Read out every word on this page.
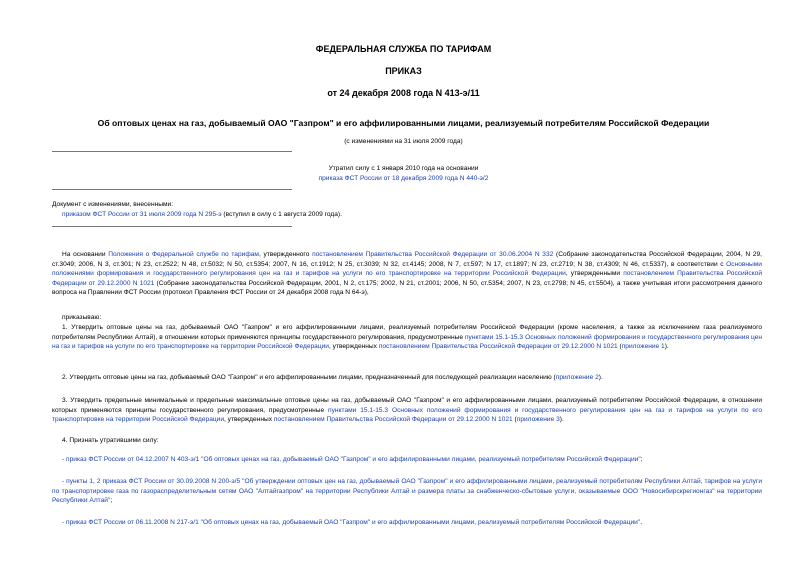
ФЕДЕРАЛЬНАЯ СЛУЖБА ПО ТАРИФАМ
ПРИКАЗ
от 24 декабря 2008 года N 413-э/11
Об оптовых ценах на газ, добываемый ОАО "Газпром" и его аффилированными лицами, реализуемый потребителям Российской Федерации
(с изменениями на 31 июля 2009 года)
Утратил силу с 1 января 2010 года на основании
приказа ФСТ России от 18 декабря 2009 года N 440-э/2
Документ с изменениями, внесенными:
приказом ФСТ России от 31 июля 2009 года N 295-э (вступил в силу с 1 августа 2009 года).

На основании Положения о Федеральной службе по тарифам, утвержденного постановлением Правительства Российской Федерации от 30.06.2004 N 332 (Собрание законодательства Российской Федерации, 2004, N 29, ст.3049; 2006, N 3, ст.301; N 23, ст.2522; N 48, ст.5032; N 50, ст.5354; 2007, N 16, ст.1912; N 25, ст.3039; N 32, ст.4145; 2008, N 7, ст.597; N 17, ст.1897; N 23, ст.2719; N 38, ст.4309; N 46, ст.5337), в соответствии с Основными положениями формирования и государственного регулирования цен на газ и тарифов на услуги по его транспортировке на территории Российской Федерации, утвержденными постановлением Правительства Российской Федерации от 29.12.2000 N 1021 (Собрание законодательства Российской Федерации, 2001, N 2, ст.175; 2002, N 21, ст.2001; 2006, N 50, ст.5354; 2007, N 23, ст.2798; N 45, ст.5504), а также учитывая итоги рассмотрения данного вопроса на Правлении ФСТ России (протокол Правления ФСТ России от 24 декабря 2008 года N 64-э),

приказываю:

1. Утвердить оптовые цены на газ, добываемый ОАО "Газпром" и его аффилированными лицами, реализуемый потребителям Российской Федерации (кроме населения, а также за исключением газа реализуемого потребителям Республики Алтай), в отношении которых применяются принципы государственного регулирования, предусмотренные пунктами 15.1-15.3 Основных положений формирования и государственного регулирования цен на газ и тарифов на услуги по его транспортировке на территории Российской Федерации, утвержденных постановлением Правительства Российской Федерации от 29.12.2000 N 1021 (приложение 1).

2. Утвердить оптовые цены на газ, добываемый ОАО "Газпром" и его аффилированными лицами, предназначенный для последующей реализации населению (приложение 2).

3. Утвердить предельные минимальные и предельные максимальные оптовые цены на газ, добываемый ОАО "Газпром" и его аффилированными лицами, реализуемый потребителям Российской Федерации, в отношении которых применяются принципы государственного регулирования, предусмотренные пунктами 15.1-15.3 Основных положений формирования и государственного регулирования цен на газ и тарифов на услуги по его транспортировке на территории Российской Федерации, утвержденных постановлением Правительства Российской Федерации от 29.12.2000 N 1021 (приложение 3).

4. Признать утратившими силу:

- приказ ФСТ России от 04.12.2007 N 403-э/1 "Об оптовых ценах на газ, добываемый ОАО "Газпром" и его аффилированными лицами, реализуемый потребителям Российской Федерации";

- пункты 1, 2 приказа ФСТ России от 30.09.2008 N 200-э/5 "Об утверждении оптовых цен на газ, добываемый ОАО "Газпром" и его аффилированными лицами, реализуемый потребителям Республики Алтай, тарифов на услуги по транспортировке газа по газораспределительным сетям ОАО "Алтайгазпром" на территории Республики Алтай и размера платы за снабженческо-сбытовые услуги, оказываемые ООО "Новосибирскрегионгаз" на территории Республики Алтай";

- приказ ФСТ России от 06.11.2008 N 217-э/1 "Об оптовых ценах на газ, добываемый ОАО "Газпром" и его аффилированными лицами, реализуемый потребителям Российской Федерации".
